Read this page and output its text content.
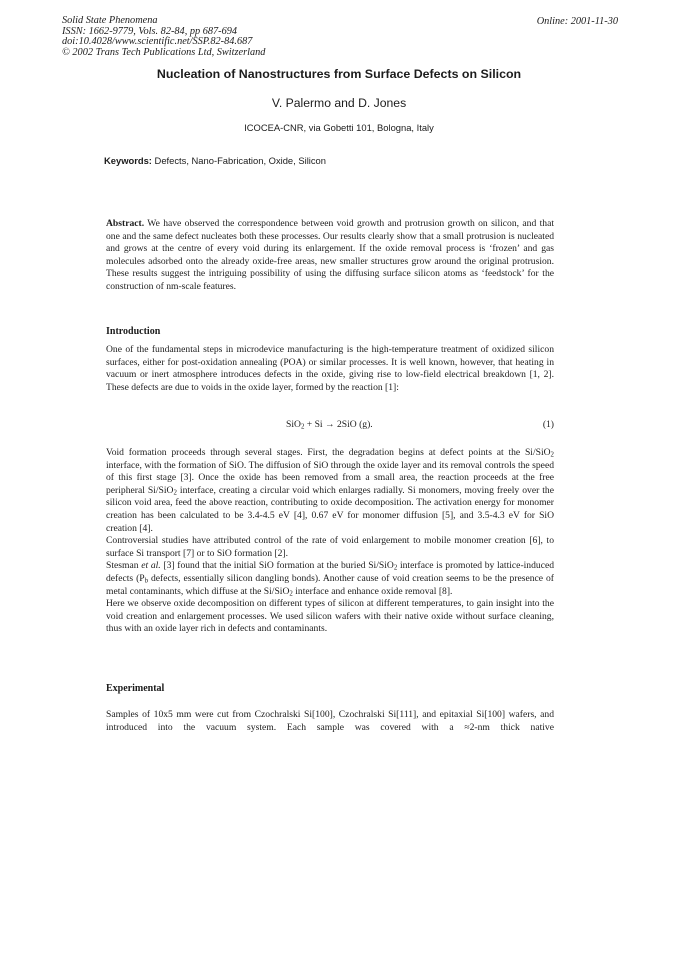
Solid State Phenomena
ISSN: 1662-9779, Vols. 82-84, pp 687-694
doi:10.4028/www.scientific.net/SSP.82-84.687
© 2002 Trans Tech Publications Ltd, Switzerland
Online: 2001-11-30
Nucleation of Nanostructures from Surface Defects on Silicon
V. Palermo and D. Jones
ICOCEA-CNR, via Gobetti 101, Bologna, Italy
Keywords: Defects, Nano-Fabrication, Oxide, Silicon

Abstract. We have observed the correspondence between void growth and protrusion growth on silicon, and that one and the same defect nucleates both these processes. Our results clearly show that a small protrusion is nucleated and grows at the centre of every void during its enlargement. If the oxide removal process is ‘frozen’ and gas molecules adsorbed onto the already oxide-free areas, new smaller structures grow around the original protrusion. These results suggest the intriguing possibility of using the diffusing surface silicon atoms as ‘feedstock’ for the construction of nm-scale features.

Introduction

One of the fundamental steps in microdevice manufacturing is the high-temperature treatment of oxidized silicon surfaces, either for post-oxidation annealing (POA) or similar processes. It is well known, however, that heating in vacuum or inert atmosphere introduces defects in the oxide, giving rise to low-field electrical breakdown [1, 2]. These defects are due to voids in the oxide layer, formed by the reaction [1]:

SiO$_2$ + Si → 2SiO (g).	(1)

Void formation proceeds through several stages. First, the degradation begins at defect points at the Si/SiO$_2$ interface, with the formation of SiO. The diffusion of SiO through the oxide layer and its removal controls the speed of this first stage [3]. Once the oxide has been removed from a small area, the reaction proceeds at the free peripheral Si/SiO$_2$ interface, creating a circular void which enlarges radially. Si monomers, moving freely over the silicon void area, feed the above reaction, contributing to oxide decomposition. The activation energy for monomer creation has been calculated to be 3.4-4.5 eV [4], 0.67 eV for monomer diffusion [5], and 3.5-4.3 eV for SiO creation [4].

Controversial studies have attributed control of the rate of void enlargement to mobile monomer creation [6], to surface Si transport [7] or to SiO formation [2].

Stesman et al. [3] found that the initial SiO formation at the buried Si/SiO$_2$ interface is promoted by lattice-induced defects ($P_b$ defects, essentially silicon dangling bonds). Another cause of void creation seems to be the presence of metal contaminants, which diffuse at the Si/SiO$_2$ interface and enhance oxide removal [8].

Here we observe oxide decomposition on different types of silicon at different temperatures, to gain insight into the void creation and enlargement processes. We used silicon wafers with their native oxide without surface cleaning, thus with an oxide layer rich in defects and contaminants.

Experimental

Samples of 10x5 mm were cut from Czochralski Si[100], Czochralski Si[111], and epitaxial Si[100] wafers, and introduced into the vacuum system. Each sample was covered with a ≈2-nm thick native
